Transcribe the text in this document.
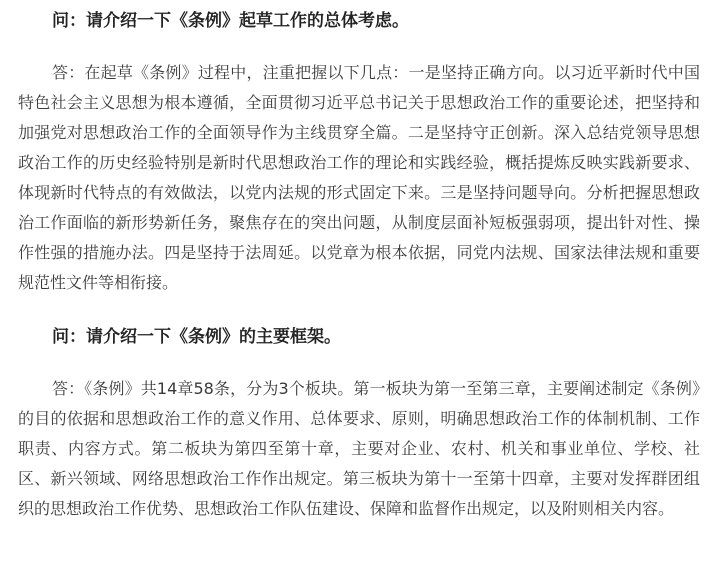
问：请介绍一下《条例》起草工作的总体考虑。

答：在起草《条例》过程中，注重把握以下几点：一是坚持正确方向。以习近平新时代中国特色社会主义思想为根本遵循，全面贯彻习近平总书记关于思想政治工作的重要论述，把坚持和加强党对思想政治工作的全面领导作为主线贯穿全篇。二是坚持守正创新。深入总结党领导思想政治工作的历史经验特别是新时代思想政治工作的理论和实践经验，概括提炼反映实践新要求、体现新时代特点的有效做法，以党内法规的形式固定下来。三是坚持问题导向。分析把握思想政治工作面临的新形势新任务，聚焦存在的突出问题，从制度层面补短板强弱项，提出针对性、操作性强的措施办法。四是坚持于法周延。以党章为根本依据，同党内法规、国家法律法规和重要规范性文件等相衔接。

问：请介绍一下《条例》的主要框架。

答：《条例》共14章58条，分为3个板块。第一板块为第一至第三章，主要阐述制定《条例》的目的依据和思想政治工作的意义作用、总体要求、原则，明确思想政治工作的体制机制、工作职责、内容方式。第二板块为第四至第十章，主要对企业、农村、机关和事业单位、学校、社区、新兴领域、网络思想政治工作作出规定。第三板块为第十一至第十四章，主要对发挥群团组织的思想政治工作优势、思想政治工作队伍建设、保障和监督作出规定，以及附则相关内容。
